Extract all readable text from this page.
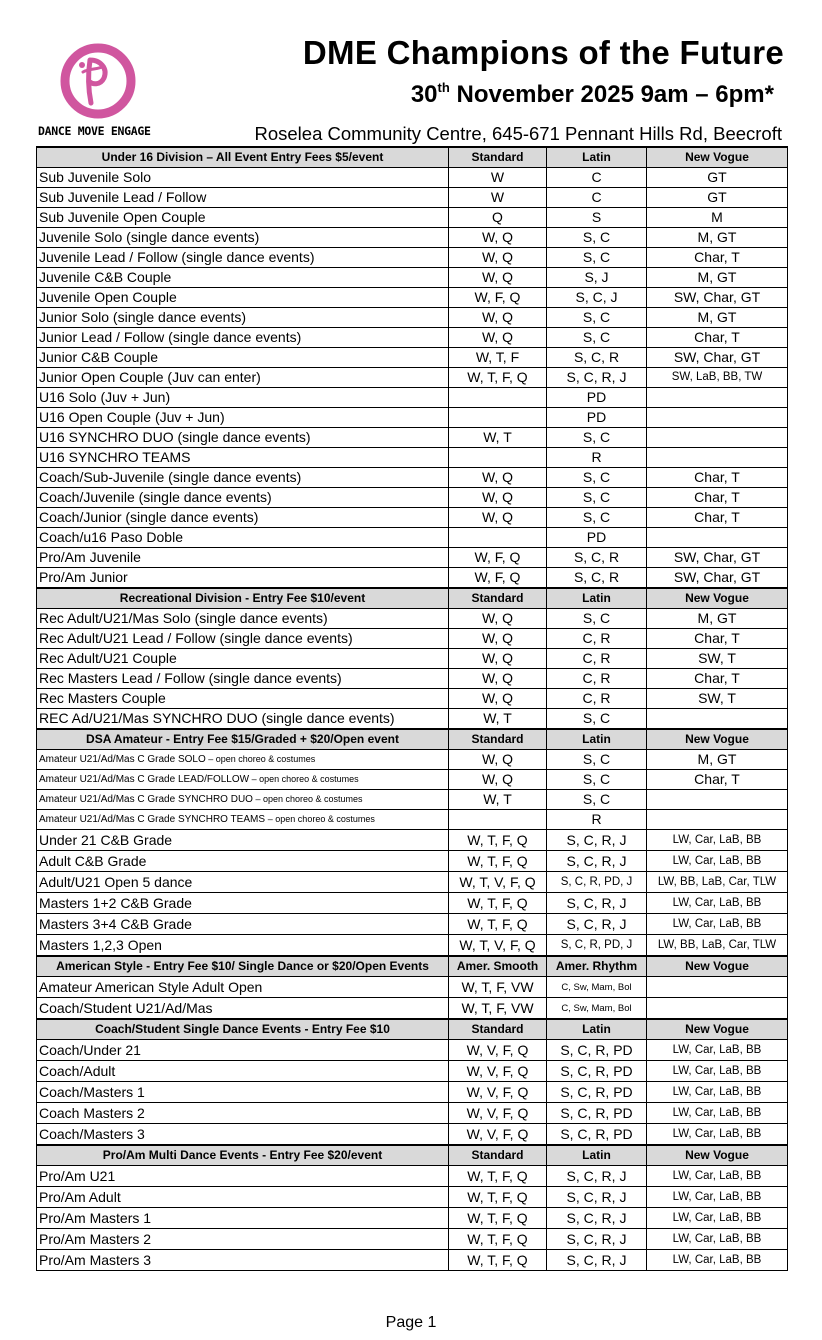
DANCE MOVE ENGAGE
DME Champions of the Future
30th November 2025 9am – 6pm*
Roselea Community Centre, 645-671 Pennant Hills Rd, Beecroft
Under 16 Division – All Event Entry Fees $5/event	Standard	Latin	New Vogue
Sub Juvenile Solo	W	C	GT
Sub Juvenile Lead / Follow	W	C	GT
Sub Juvenile Open Couple	Q	S	M
Juvenile Solo (single dance events)	W, Q	S, C	M, GT
Juvenile Lead / Follow (single dance events)	W, Q	S, C	Char, T
Juvenile C&B Couple	W, Q	S, J	M, GT
Juvenile Open Couple	W, F, Q	S, C, J	SW, Char, GT
Junior Solo (single dance events)	W, Q	S, C	M, GT
Junior Lead / Follow (single dance events)	W, Q	S, C	Char, T
Junior C&B Couple	W, T, F	S, C, R	SW, Char, GT
Junior Open Couple (Juv can enter)	W, T, F, Q	S, C, R, J	SW, LaB, BB, TW
U16 Solo (Juv + Jun)		PD	
U16 Open Couple (Juv + Jun)		PD	
U16 SYNCHRO DUO (single dance events)	W, T	S, C	
U16 SYNCHRO TEAMS		R	
Coach/Sub-Juvenile (single dance events)	W, Q	S, C	Char, T
Coach/Juvenile (single dance events)	W, Q	S, C	Char, T
Coach/Junior (single dance events)	W, Q	S, C	Char, T
Coach/u16 Paso Doble		PD	
Pro/Am Juvenile	W, F, Q	S, C, R	SW, Char, GT
Pro/Am Junior	W, F, Q	S, C, R	SW, Char, GT
Recreational Division - Entry Fee $10/event	Standard	Latin	New Vogue
Rec Adult/U21/Mas Solo (single dance events)	W, Q	S, C	M, GT
Rec Adult/U21 Lead / Follow (single dance events)	W, Q	C, R	Char, T
Rec Adult/U21 Couple	W, Q	C, R	SW, T
Rec Masters Lead / Follow (single dance events)	W, Q	C, R	Char, T
Rec Masters Couple	W, Q	C, R	SW, T
REC Ad/U21/Mas SYNCHRO DUO (single dance events)	W, T	S, C	
DSA Amateur - Entry Fee $15/Graded + $20/Open event	Standard	Latin	New Vogue
Amateur U21/Ad/Mas C Grade SOLO – open choreo & costumes	W, Q	S, C	M, GT
Amateur U21/Ad/Mas C Grade LEAD/FOLLOW – open choreo & costumes	W, Q	S, C	Char, T
Amateur U21/Ad/Mas C Grade SYNCHRO DUO – open choreo & costumes	W, T	S, C	
Amateur U21/Ad/Mas C Grade SYNCHRO TEAMS – open choreo & costumes		R	
Under 21 C&B Grade	W, T, F, Q	S, C, R, J	LW, Car, LaB, BB
Adult C&B Grade	W, T, F, Q	S, C, R, J	LW, Car, LaB, BB
Adult/U21 Open 5 dance	W, T, V, F, Q	S, C, R, PD, J	LW, BB, LaB, Car, TLW
Masters 1+2 C&B Grade	W, T, F, Q	S, C, R, J	LW, Car, LaB, BB
Masters 3+4 C&B Grade	W, T, F, Q	S, C, R, J	LW, Car, LaB, BB
Masters 1,2,3 Open	W, T, V, F, Q	S, C, R, PD, J	LW, BB, LaB, Car, TLW
American Style - Entry Fee $10/ Single Dance or $20/Open Events	Amer. Smooth	Amer. Rhythm	New Vogue
Amateur American Style Adult Open	W, T, F, VW	C, Sw, Mam, Bol	
Coach/Student U21/Ad/Mas	W, T, F, VW	C, Sw, Mam, Bol	
Coach/Student Single Dance Events - Entry Fee $10	Standard	Latin	New Vogue
Coach/Under 21	W, V, F, Q	S, C, R, PD	LW, Car, LaB, BB
Coach/Adult	W, V, F, Q	S, C, R, PD	LW, Car, LaB, BB
Coach/Masters 1	W, V, F, Q	S, C, R, PD	LW, Car, LaB, BB
Coach Masters 2	W, V, F, Q	S, C, R, PD	LW, Car, LaB, BB
Coach/Masters 3	W, V, F, Q	S, C, R, PD	LW, Car, LaB, BB
Pro/Am Multi Dance Events - Entry Fee $20/event	Standard	Latin	New Vogue
Pro/Am U21	W, T, F, Q	S, C, R, J	LW, Car, LaB, BB
Pro/Am Adult	W, T, F, Q	S, C, R, J	LW, Car, LaB, BB
Pro/Am Masters 1	W, T, F, Q	S, C, R, J	LW, Car, LaB, BB
Pro/Am Masters 2	W, T, F, Q	S, C, R, J	LW, Car, LaB, BB
Pro/Am Masters 3	W, T, F, Q	S, C, R, J	LW, Car, LaB, BB
Page 1
